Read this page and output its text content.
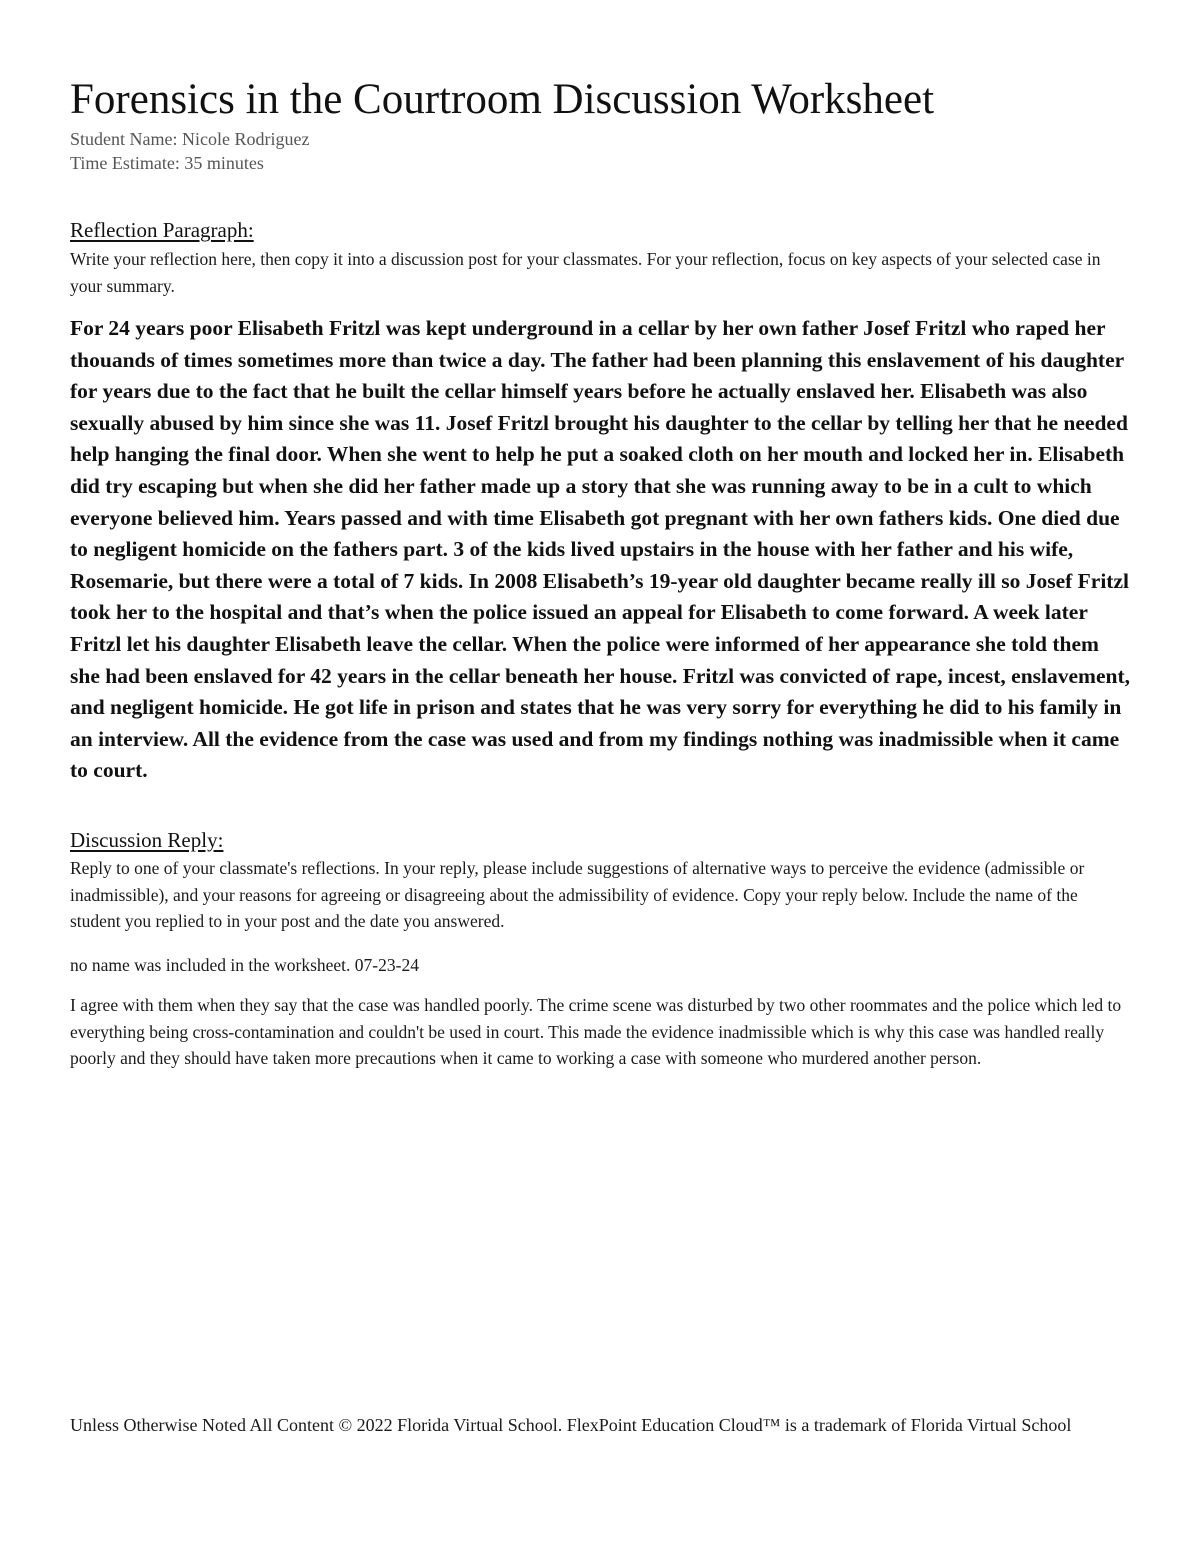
Forensics in the Courtroom Discussion Worksheet
Student Name: Nicole Rodriguez
Time Estimate: 35 minutes
Reflection Paragraph:

Write your reflection here, then copy it into a discussion post for your classmates. For your reflection, focus on key aspects of your selected case in your summary.

For 24 years poor Elisabeth Fritzl was kept underground in a cellar by her own father Josef Fritzl who raped her thouands of times sometimes more than twice a day. The father had been planning this enslavement of his daughter for years due to the fact that he built the cellar himself years before he actually enslaved her. Elisabeth was also sexually abused by him since she was 11. Josef Fritzl brought his daughter to the cellar by telling her that he needed help hanging the final door. When she went to help he put a soaked cloth on her mouth and locked her in. Elisabeth did try escaping but when she did her father made up a story that she was running away to be in a cult to which everyone believed him. Years passed and with time Elisabeth got pregnant with her own fathers kids. One died due to negligent homicide on the fathers part. 3 of the kids lived upstairs in the house with her father and his wife, Rosemarie, but there were a total of 7 kids. In 2008 Elisabeth’s 19-year old daughter became really ill so Josef Fritzl took her to the hospital and that’s when the police issued an appeal for Elisabeth to come forward. A week later Fritzl let his daughter Elisabeth leave the cellar. When the police were informed of her appearance she told them she had been enslaved for 42 years in the cellar beneath her house. Fritzl was convicted of rape, incest, enslavement, and negligent homicide. He got life in prison and states that he was very sorry for everything he did to his family in an interview. All the evidence from the case was used and from my findings nothing was inadmissible when it came to court.

Discussion Reply:

Reply to one of your classmate's reflections. In your reply, please include suggestions of alternative ways to perceive the evidence (admissible or inadmissible), and your reasons for agreeing or disagreeing about the admissibility of evidence. Copy your reply below. Include the name of the student you replied to in your post and the date you answered.

no name was included in the worksheet. 07-23-24

I agree with them when they say that the case was handled poorly. The crime scene was disturbed by two other roommates and the police which led to everything being cross-contamination and couldn't be used in court. This made the evidence inadmissible which is why this case was handled really poorly and they should have taken more precautions when it came to working a case with someone who murdered another person.

Unless Otherwise Noted All Content © 2022 Florida Virtual School. FlexPoint Education Cloud™ is a trademark of Florida Virtual School
